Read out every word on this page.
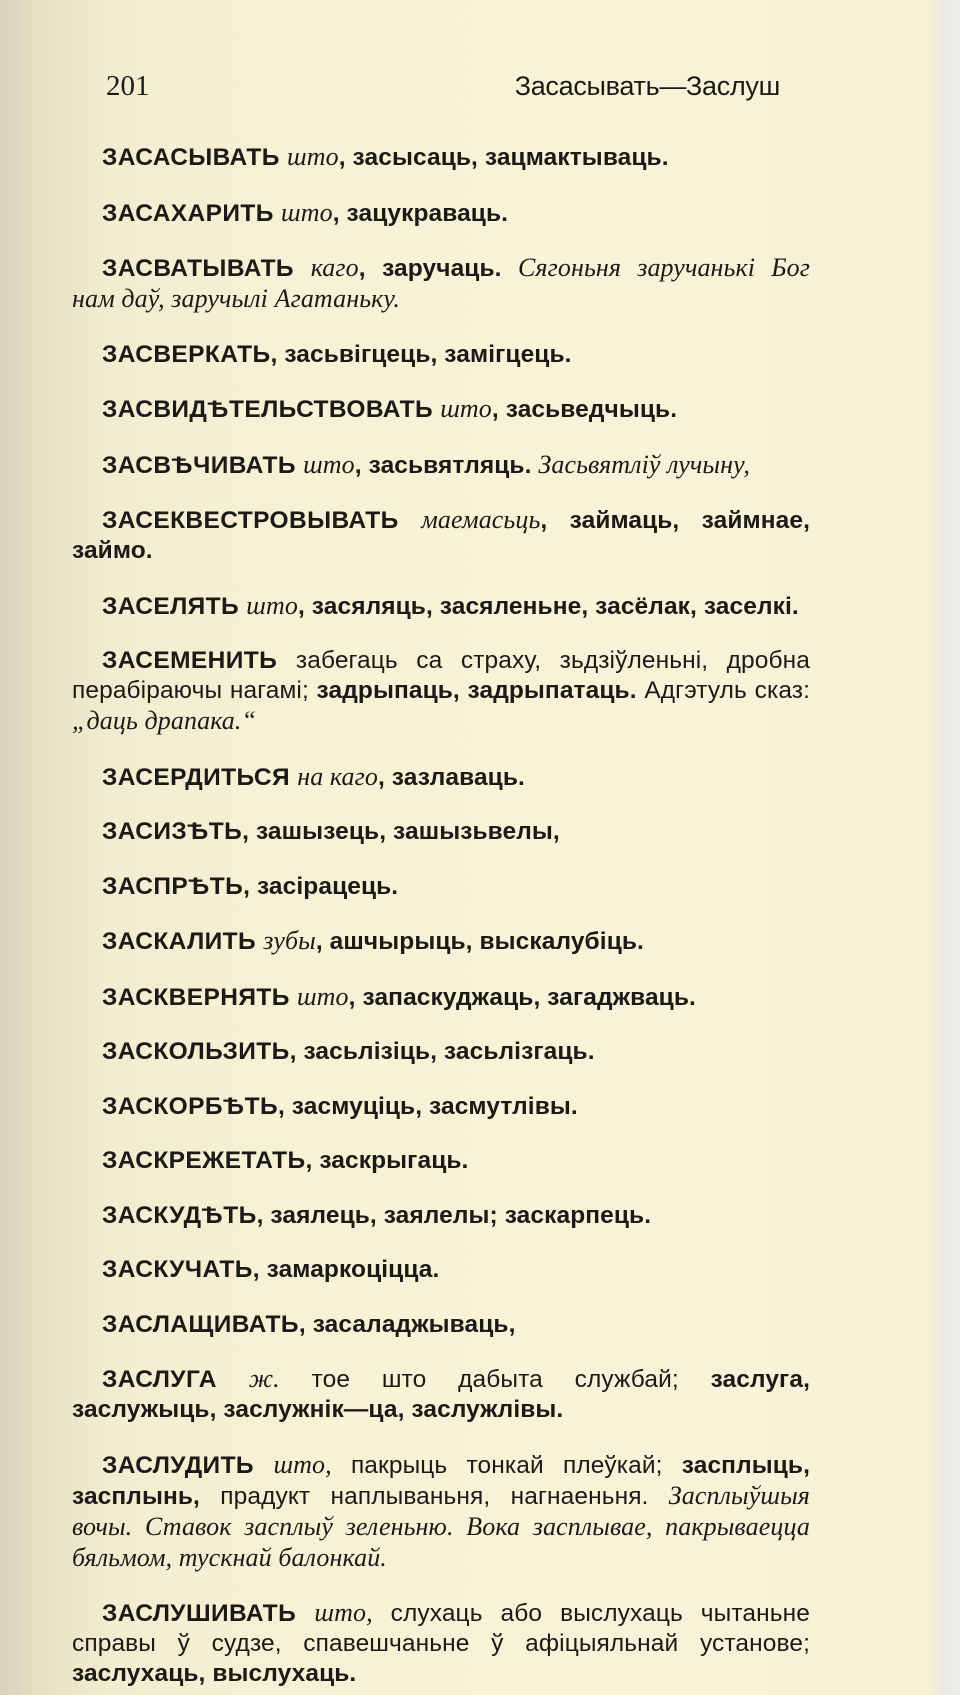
201	Засасывать—Заслуш

ЗАСАСЫВАТЬ што, засысаць, зацмактываць.

ЗАСАХАРИТЬ што, зацукраваць.

ЗАСВАТЫВАТЬ каго, заручаць. Сягоньня заручанькі Бог нам даў, заручылі Агатаньку.

ЗАСВЕРКАТЬ, засьвігцець, замігцець.

ЗАСВИДѢТЕЛЬСТВОВАТЬ што, засьведчыць.

ЗАСВѢЧИВАТЬ што, засьвятляць. Засьвятліў лучыну,

ЗАСЕКВЕСТРОВЫВАТЬ маемасьць, займаць, займнае, займо.

ЗАСЕЛЯТЬ што, засяляць, засяленьне, засёлак, заселкі.

ЗАСЕМЕНИТЬ забегаць са страху, зьдзіўленьні, дробна перабіраючы нагамі; задрыпаць, задрыпатаць. Адгэтуль сказ: „даць драпака.“

ЗАСЕРДИТЬСЯ на каго, зазлаваць.

ЗАСИЗѢТЬ, зашызець, зашызьвелы,

ЗАСПРѢТЬ, засірацець.

ЗАСКАЛИТЬ зубы, ашчырыць, выскалубіць.

ЗАСКВЕРНЯТЬ што, запаскуджаць, загаджваць.

ЗАСКОЛЬЗИТЬ, засьлізіць, засьлізгаць.

ЗАСКОРБѢТЬ, засмуціць, засмутлівы.

ЗАСКРЕЖЕТАТЬ, заскрыгаць.

ЗАСКУДѢТЬ, заялець, заялелы; заскарпець.

ЗАСКУЧАТЬ, замаркоціцца.

ЗАСЛАЩИВАТЬ, засаладжываць,

ЗАСЛУГА ж. тое што дабыта службай; заслуга, заслужыць, заслужнік—ца, заслужлівы.

ЗАСЛУДИТЬ што, пакрыць тонкай плеўкай; засплыць, засплынь, прадукт наплываньня, нагнаеньня. Засплыўшыя вочы. Ставок засплыў зеленьню. Вока засплывае, пакрываецца бяльмом, тускнай балонкай.

ЗАСЛУШИВАТЬ што, слухаць або выслухаць чытаньне справы ў судзе, спавешчаньне ў афіцыяльнай установе; заслухаць, выслухаць.
